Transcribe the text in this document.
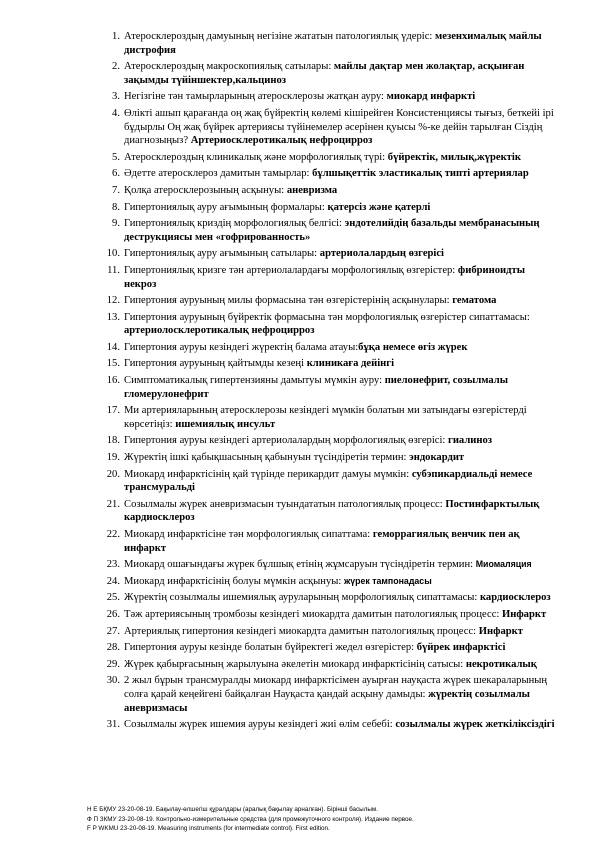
1. Атеросклероздың дамуының негізіне жататын патологиялық үдеріс: мезенхималық майлы дистрофия
2. Атеросклероздың макроскопиялық сатылары: майлы дақтар мен жолақтар, асқынған зақымды түйіншектер,кальциноз
3. Негізгіне тән тамырларының атеросклерозы жатқан ауру: миокард инфаркті
4. Өлікті ашып қарағанда оң жақ бүйректің көлемі кішірейген Консистенциясы тығыз, беткейі ірі бұдырлы Оң жақ бүйрек артериясы түйінемелер әсерінен қуысы %-ке дейін тарылған Сіздің диагнозыңыз? Артериосклеротикалық нефроцирроз
5. Атеросклероздың клиникалық және морфологиялық түрі: бүйректік, милық,жүректік
6. Әдетте атеросклероз дамитын тамырлар: бұлшықеттік эластикалық типті артериялар
7. Қолқа атеросклерозының асқынуы: аневризма
8. Гипертониялық ауру ағымының формалары: қатерсіз және қатерлі
9. Гипертониялық криздің морфологиялық белгісі: эндотелийдің базальды мембранасының деструкциясы мен «гофрированность»
10. Гипертониялық ауру ағымының сатылары: артериолалардың өзгерісі
11. Гипертониялық кризге тән артериолалардағы морфологиялық өзгерістер: фибриноидты некроз
12. Гипертония ауруының милы формасына тән өзгерістерінің асқынулары: гематома
13. Гипертония ауруының бүйректік формасына тән морфологиялық өзгерістер сипаттамасы: артериолосклеротикалық нефроцирроз
14. Гипертония ауруы кезіндегі жүректің балама атауы:бұқа немесе өгіз жүрек
15. Гипертония ауруының қайтымды кезеңі клиникаға дейінгі
16. Симптоматикалық гипертензияны дамытуы мүмкін ауру: пиелонефрит, созылмалы гломерулонефрит
17. Ми артерияларының атеросклерозы кезіндегі мүмкін болатын ми затындағы өзгерістерді көрсетіңіз: ишемиялық инсульт
18. Гипертония ауруы кезіндегі артериолалардың морфологиялық өзгерісі: гиалиноз
19. Жүректің ішкі қабықшасының қабынуын түсіндіретін термин: эндокардит
20. Миокард инфарктісінің қай түрінде перикардит дамуы мүмкін: субэпикардиальді немесе трансмуральді
21. Созылмалы жүрек аневризмасын туындататын патологиялық процесс: Постинфарктылық кардиосклероз
22. Миокард инфарктісіне тән морфологиялық сипаттама: геморрагиялық венчик пен ақ инфаркт
23. Миокард ошағындағы жүрек бұлшық етінің жұмсаруын түсіндіретін термин: Миомаляция
24. Миокард инфарктісінің болуы мүмкін асқынуы: жүрек тампонадасы
25. Жүректің созылмалы ишемиялық ауруларының морфологиялық сипаттамасы: кардиосклероз
26. Тәж артериясының тромбозы кезіндегі миокардта дамитын патологиялық процесс: Инфаркт
27. Артериялық гипертония кезіндегі миокардта дамитын патологиялық процесс: Инфаркт
28. Гипертония ауруы кезінде болатын бүйректегі жедел өзгерістер: бүйрек инфарктісі
29. Жүрек қабырғасының жарылуына әкелетін миокард инфарктісінің сатысы: некротикалық
30. 2 жыл бұрын трансмуралды миокард инфарктісімен ауырған науқаста жүрек шекараларының солға қарай кеңейгені байқалған Науқаста қандай асқыну дамыды: жүректің созылмалы аневризмасы
31. Созылмалы жүрек ишемия ауруы кезіндегі жиі өлім себебі: созылмалы жүрек жеткіліксіздігі
Н Е БҚМУ 23-20-08-19. Бақылау-өлшегіш құралдары (аралық бақылау арналған). Бірінші басылым.
Ф П ЗКМУ 23-20-08-19. Контрольно-измерительные средства (для промежуточного контроля). Издание первое.
F P WKMU 23-20-08-19. Measuring instruments (for intermediate control). First edition.
